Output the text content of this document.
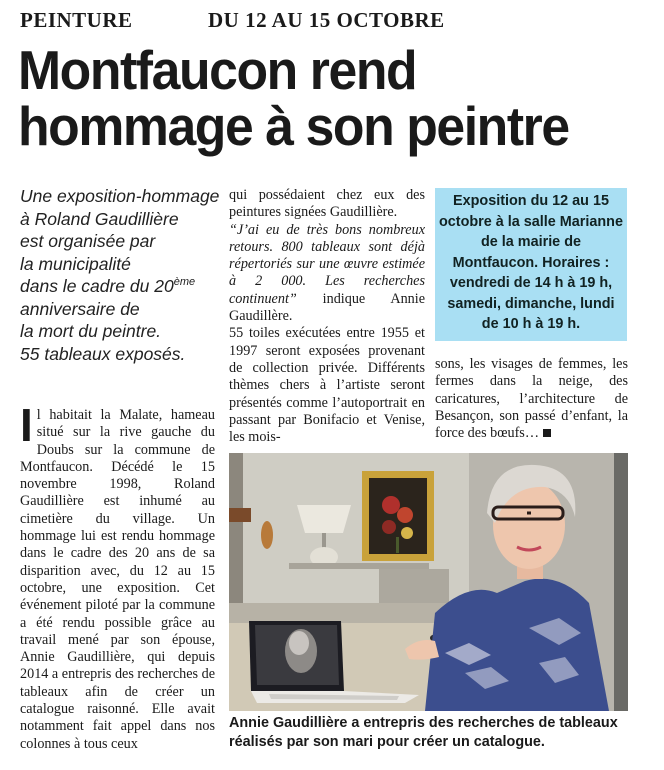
PEINTURE	DU 12 AU 15 OCTOBRE
Montfaucon rend
hommage à son peintre
Une exposition-hommage
à Roland Gaudillière
est organisée par
la municipalité
dans le cadre du 20ème
anniversaire de
la mort du peintre.
55 tableaux exposés.
Il habitait la Malate, hameau situé sur la rive gauche du Doubs sur la commune de Montfaucon. Décédé le 15 novembre 1998, Roland Gaudillière est inhumé au cimetière du village. Un hommage lui est rendu hommage dans le cadre des 20 ans de sa disparition avec, du 12 au 15 octobre, une exposition. Cet événement piloté par la commune a été rendu possible grâce au travail mené par son épouse, Annie Gaudillière, qui depuis 2014 a entrepris des recherches de tableaux afin de créer un catalogue raisonné. Elle avait notamment fait appel dans nos colonnes à tous ceux

qui possédaient chez eux des peintures signées Gaudillière.

“J’ai eu de très bons nombreux retours. 800 tableaux sont déjà répertoriés sur une œuvre estimée à 2 000. Les recherches continuent” indique Annie Gaudillère.

55 toiles exécutées entre 1955 et 1997 seront exposées provenant de collection privée. Différents thèmes chers à l’artiste seront présentés comme l’autoportrait en passant par Bonifacio et Venise, les mois-

Exposition du 12 au 15 octobre à la salle Marianne de la mairie de Montfaucon. Horaires : vendredi de 14 h à 19 h, samedi, dimanche, lundi de 10 h à 19 h.
sons, les visages de femmes, les fermes dans la neige, des caricatures, l’architecture de Besançon, son passé d’enfant, la force des bœufs…
Annie Gaudillière a entrepris des recherches de tableaux réalisés par son mari pour créer un catalogue.
